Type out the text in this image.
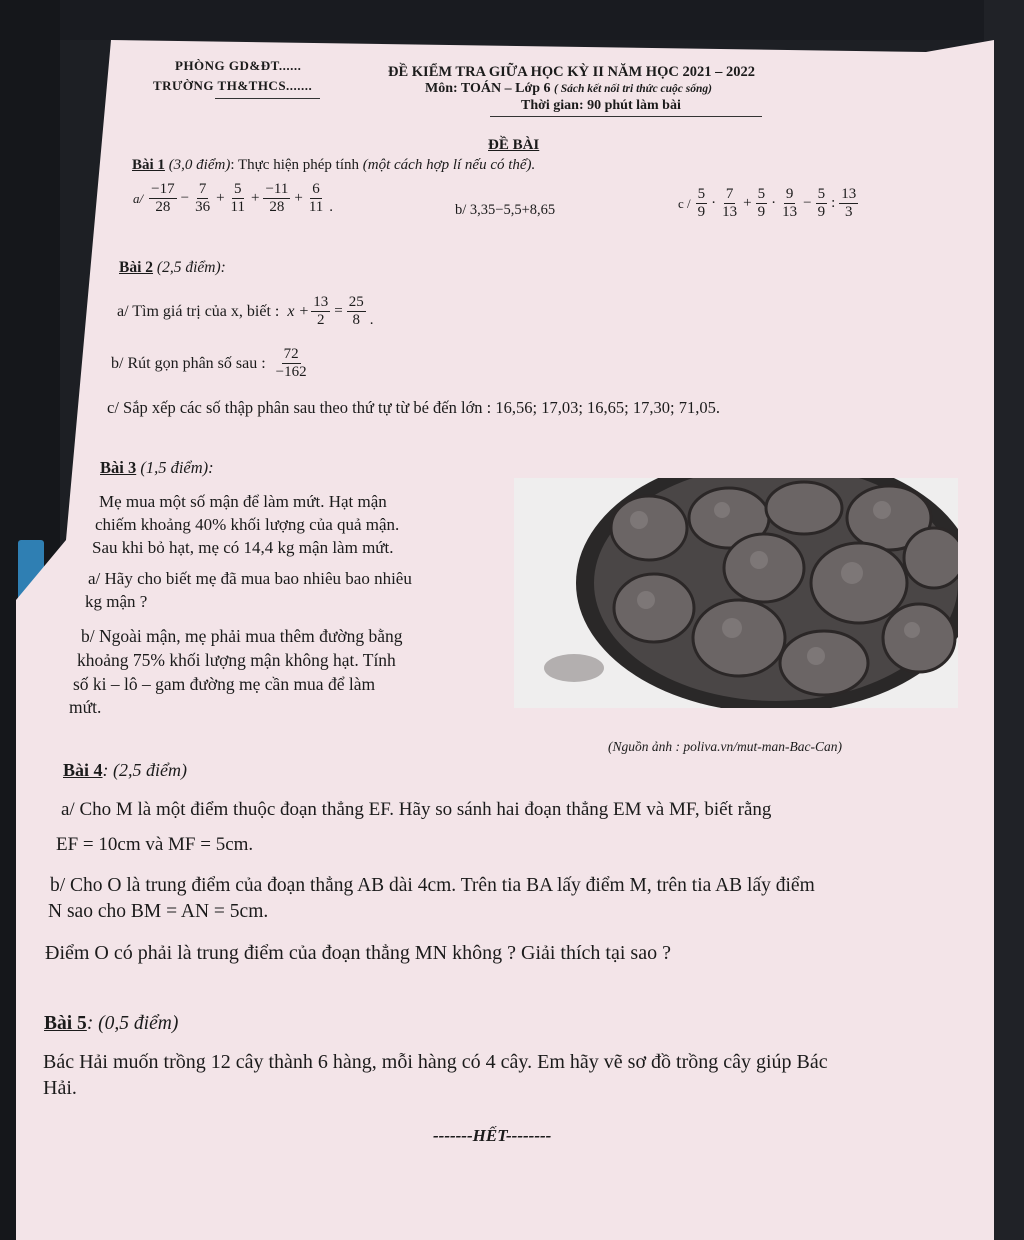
PHÒNG GD&ĐT......
TRƯỜNG TH&THCS.......
ĐỀ KIỂM TRA GIỮA HỌC KỲ II NĂM HỌC 2021 – 2022
Môn: TOÁN – Lớp 6 ( Sách kết nối tri thức cuộc sống)
Thời gian: 90 phút làm bài
ĐỀ BÀI
Bài 1 (3,0 điểm): Thực hiện phép tính (một cách hợp lí nếu có thể).
$a/ \frac{-17}{28} - \frac{7}{36} + \frac{5}{11} + \frac{-11}{28} + \frac{6}{11}$ .	b/ 3,35−5,5+8,65	$c / \frac{5}{9} \cdot \frac{7}{13} + \frac{5}{9} \cdot \frac{9}{13} - \frac{5}{9}$ : $\frac{13}{3}$
Bài 2 (2,5 điểm):
a/ Tìm giá trị của x, biết : $x + \frac{13}{2} = \frac{25}{8}$ .
b/ Rút gọn phân số sau : $\frac{72}{-162}$
c/ Sắp xếp các số thập phân sau theo thứ tự từ bé đến lớn : 16,56; 17,03; 16,65; 17,30; 71,05.
Bài 3 (1,5 điểm):
Mẹ mua một số mận để làm mứt. Hạt mận
chiếm khoảng 40% khối lượng của quả mận.
Sau khi bỏ hạt, mẹ có 14,4 kg mận làm mứt.
a/ Hãy cho biết mẹ đã mua bao nhiêu bao nhiêu
kg mận ?
b/ Ngoài mận, mẹ phải mua thêm đường bằng
khoảng 75% khối lượng mận không hạt. Tính
số ki – lô – gam đường mẹ cần mua để làm
mứt.
(Nguồn ảnh : poliva.vn/mut-man-Bac-Can)
Bài 4: (2,5 điểm)
a/ Cho M là một điểm thuộc đoạn thẳng EF. Hãy so sánh hai đoạn thẳng EM và MF, biết rằng
EF = 10cm và MF = 5cm.
b/ Cho O là trung điểm của đoạn thẳng AB dài 4cm. Trên tia BA lấy điểm M, trên tia AB lấy điểm
N sao cho BM = AN = 5cm.
Điểm O có phải là trung điểm của đoạn thẳng MN không ? Giải thích tại sao ?
Bài 5: (0,5 điểm)
Bác Hải muốn trồng 12 cây thành 6 hàng, mỗi hàng có 4 cây. Em hãy vẽ sơ đồ trồng cây giúp Bác
Hải.
-------HẾT--------
